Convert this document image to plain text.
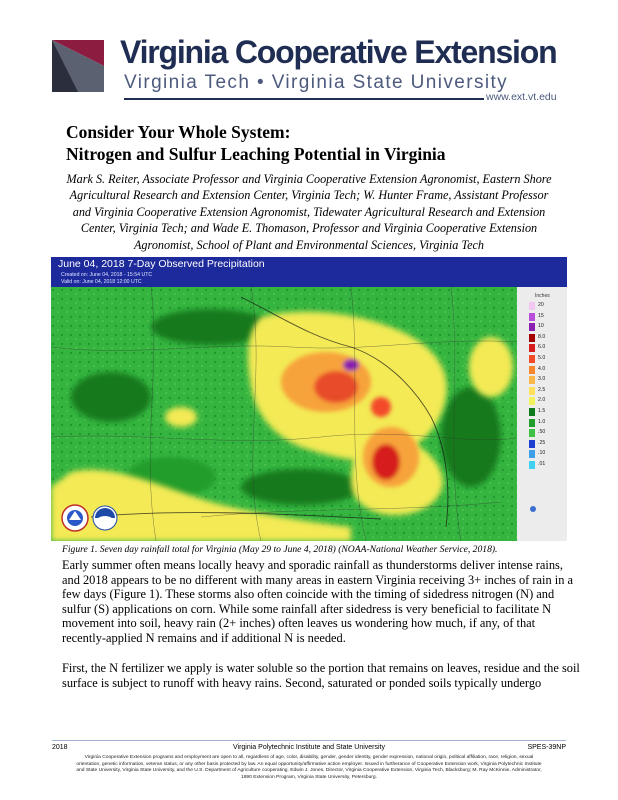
Virginia Cooperative Extension
Virginia Tech • Virginia State University
www.ext.vt.edu
Consider Your Whole System:
Nitrogen and Sulfur Leaching Potential in Virginia
Mark S. Reiter, Associate Professor and Virginia Cooperative Extension Agronomist, Eastern Shore
Agricultural Research and Extension Center, Virginia Tech; W. Hunter Frame, Assistant Professor
and Virginia Cooperative Extension Agronomist, Tidewater Agricultural Research and Extension
Center, Virginia Tech; and Wade E. Thomason, Professor and Virginia Cooperative Extension
Agronomist, School of Plant and Environmental Sciences, Virginia Tech
June 04, 2018 7-Day Observed Precipitation
Created on: June 04, 2018 - 15:54 UTC
Valid on: June 04, 2018 12:00 UTC
Inches
20
15
10
8.0
6.0
5.0
4.0
3.0
2.5
2.0
1.5
1.0
.50
.25
.10
.01
Figure 1. Seven day rainfall total for Virginia (May 29 to June 4, 2018) (NOAA-National Weather Service, 2018).
Early summer often means locally heavy and sporadic rainfall as thunderstorms deliver intense rains,
and 2018 appears to be no different with many areas in eastern Virginia receiving 3+ inches of rain in a
few days (Figure 1). These storms also often coincide with the timing of sidedress nitrogen (N) and
sulfur (S) applications on corn. While some rainfall after sidedress is very beneficial to facilitate N
movement into soil, heavy rain (2+ inches) often leaves us wondering how much, if any, of that
recently-applied N remains and if additional N is needed.
First, the N fertilizer we apply is water soluble so the portion that remains on leaves, residue and the soil
surface is subject to runoff with heavy rains. Second, saturated or ponded soils typically undergo
2018	Virginia Polytechnic Institute and State University	SPES-39NP
Virginia Cooperative Extension programs and employment are open to all, regardless of age, color, disability, gender, gender identity, gender expression, national origin, political affiliation, race, religion, sexual
orientation, genetic information, veteran status, or any other basis protected by law. An equal opportunity/affirmative action employer. Issued in furtherance of Cooperative Extension work, Virginia Polytechnic Institute
and State University, Virginia State University, and the U.S. Department of Agriculture cooperating. Edwin J. Jones, Director, Virginia Cooperative Extension, Virginia Tech, Blacksburg; M. Ray McKinnie, Administrator,
1890 Extension Program, Virginia State University, Petersburg.
